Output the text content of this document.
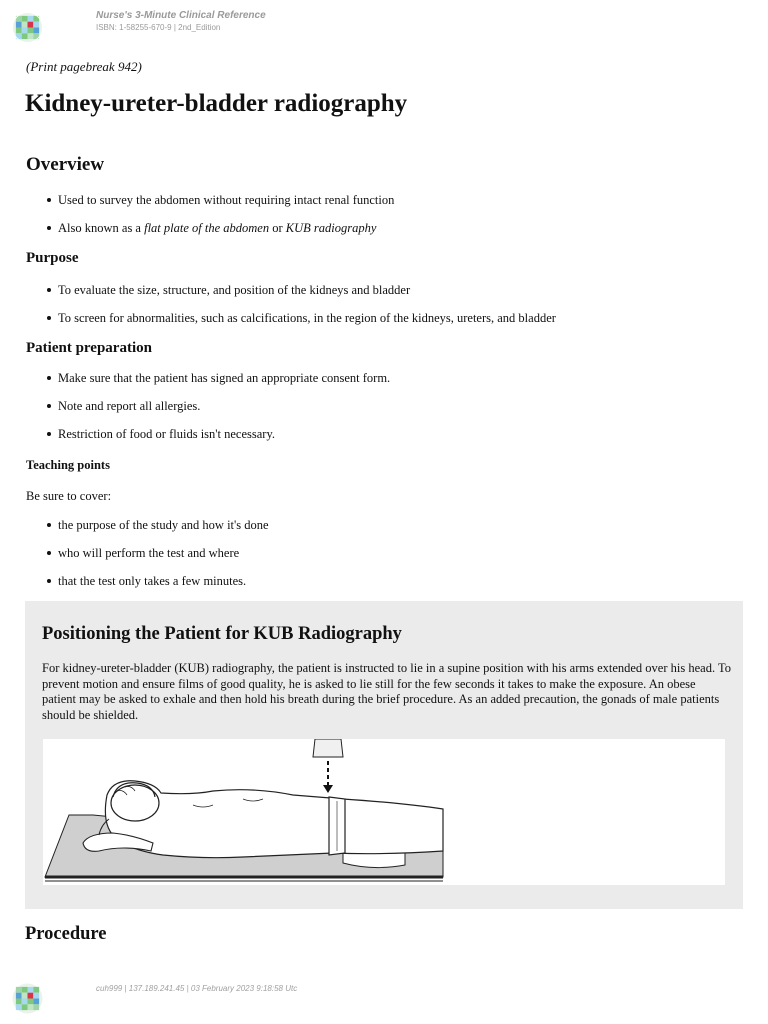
Nurse's 3-Minute Clinical Reference
ISBN: 1-58255-670-9 | 2nd_Edition
(Print pagebreak 942)
Kidney-ureter-bladder radiography
Overview
Used to survey the abdomen without requiring intact renal function
Also known as a flat plate of the abdomen or KUB radiography
Purpose
To evaluate the size, structure, and position of the kidneys and bladder
To screen for abnormalities, such as calcifications, in the region of the kidneys, ureters, and bladder
Patient preparation
Make sure that the patient has signed an appropriate consent form.
Note and report all allergies.
Restriction of food or fluids isn't necessary.
Teaching points
Be sure to cover:
the purpose of the study and how it's done
who will perform the test and where
that the test only takes a few minutes.
Positioning the Patient for KUB Radiography

For kidney-ureter-bladder (KUB) radiography, the patient is instructed to lie in a supine position with his arms extended over his head. To prevent motion and ensure films of good quality, he is asked to lie still for the few seconds it takes to make the exposure. An obese patient may be asked to exhale and then hold his breath during the brief procedure. As an added precaution, the gonads of male patients should be shielded.

Procedure
cuh999 | 137.189.241.45 | 03 February 2023 9:18:58 Utc
